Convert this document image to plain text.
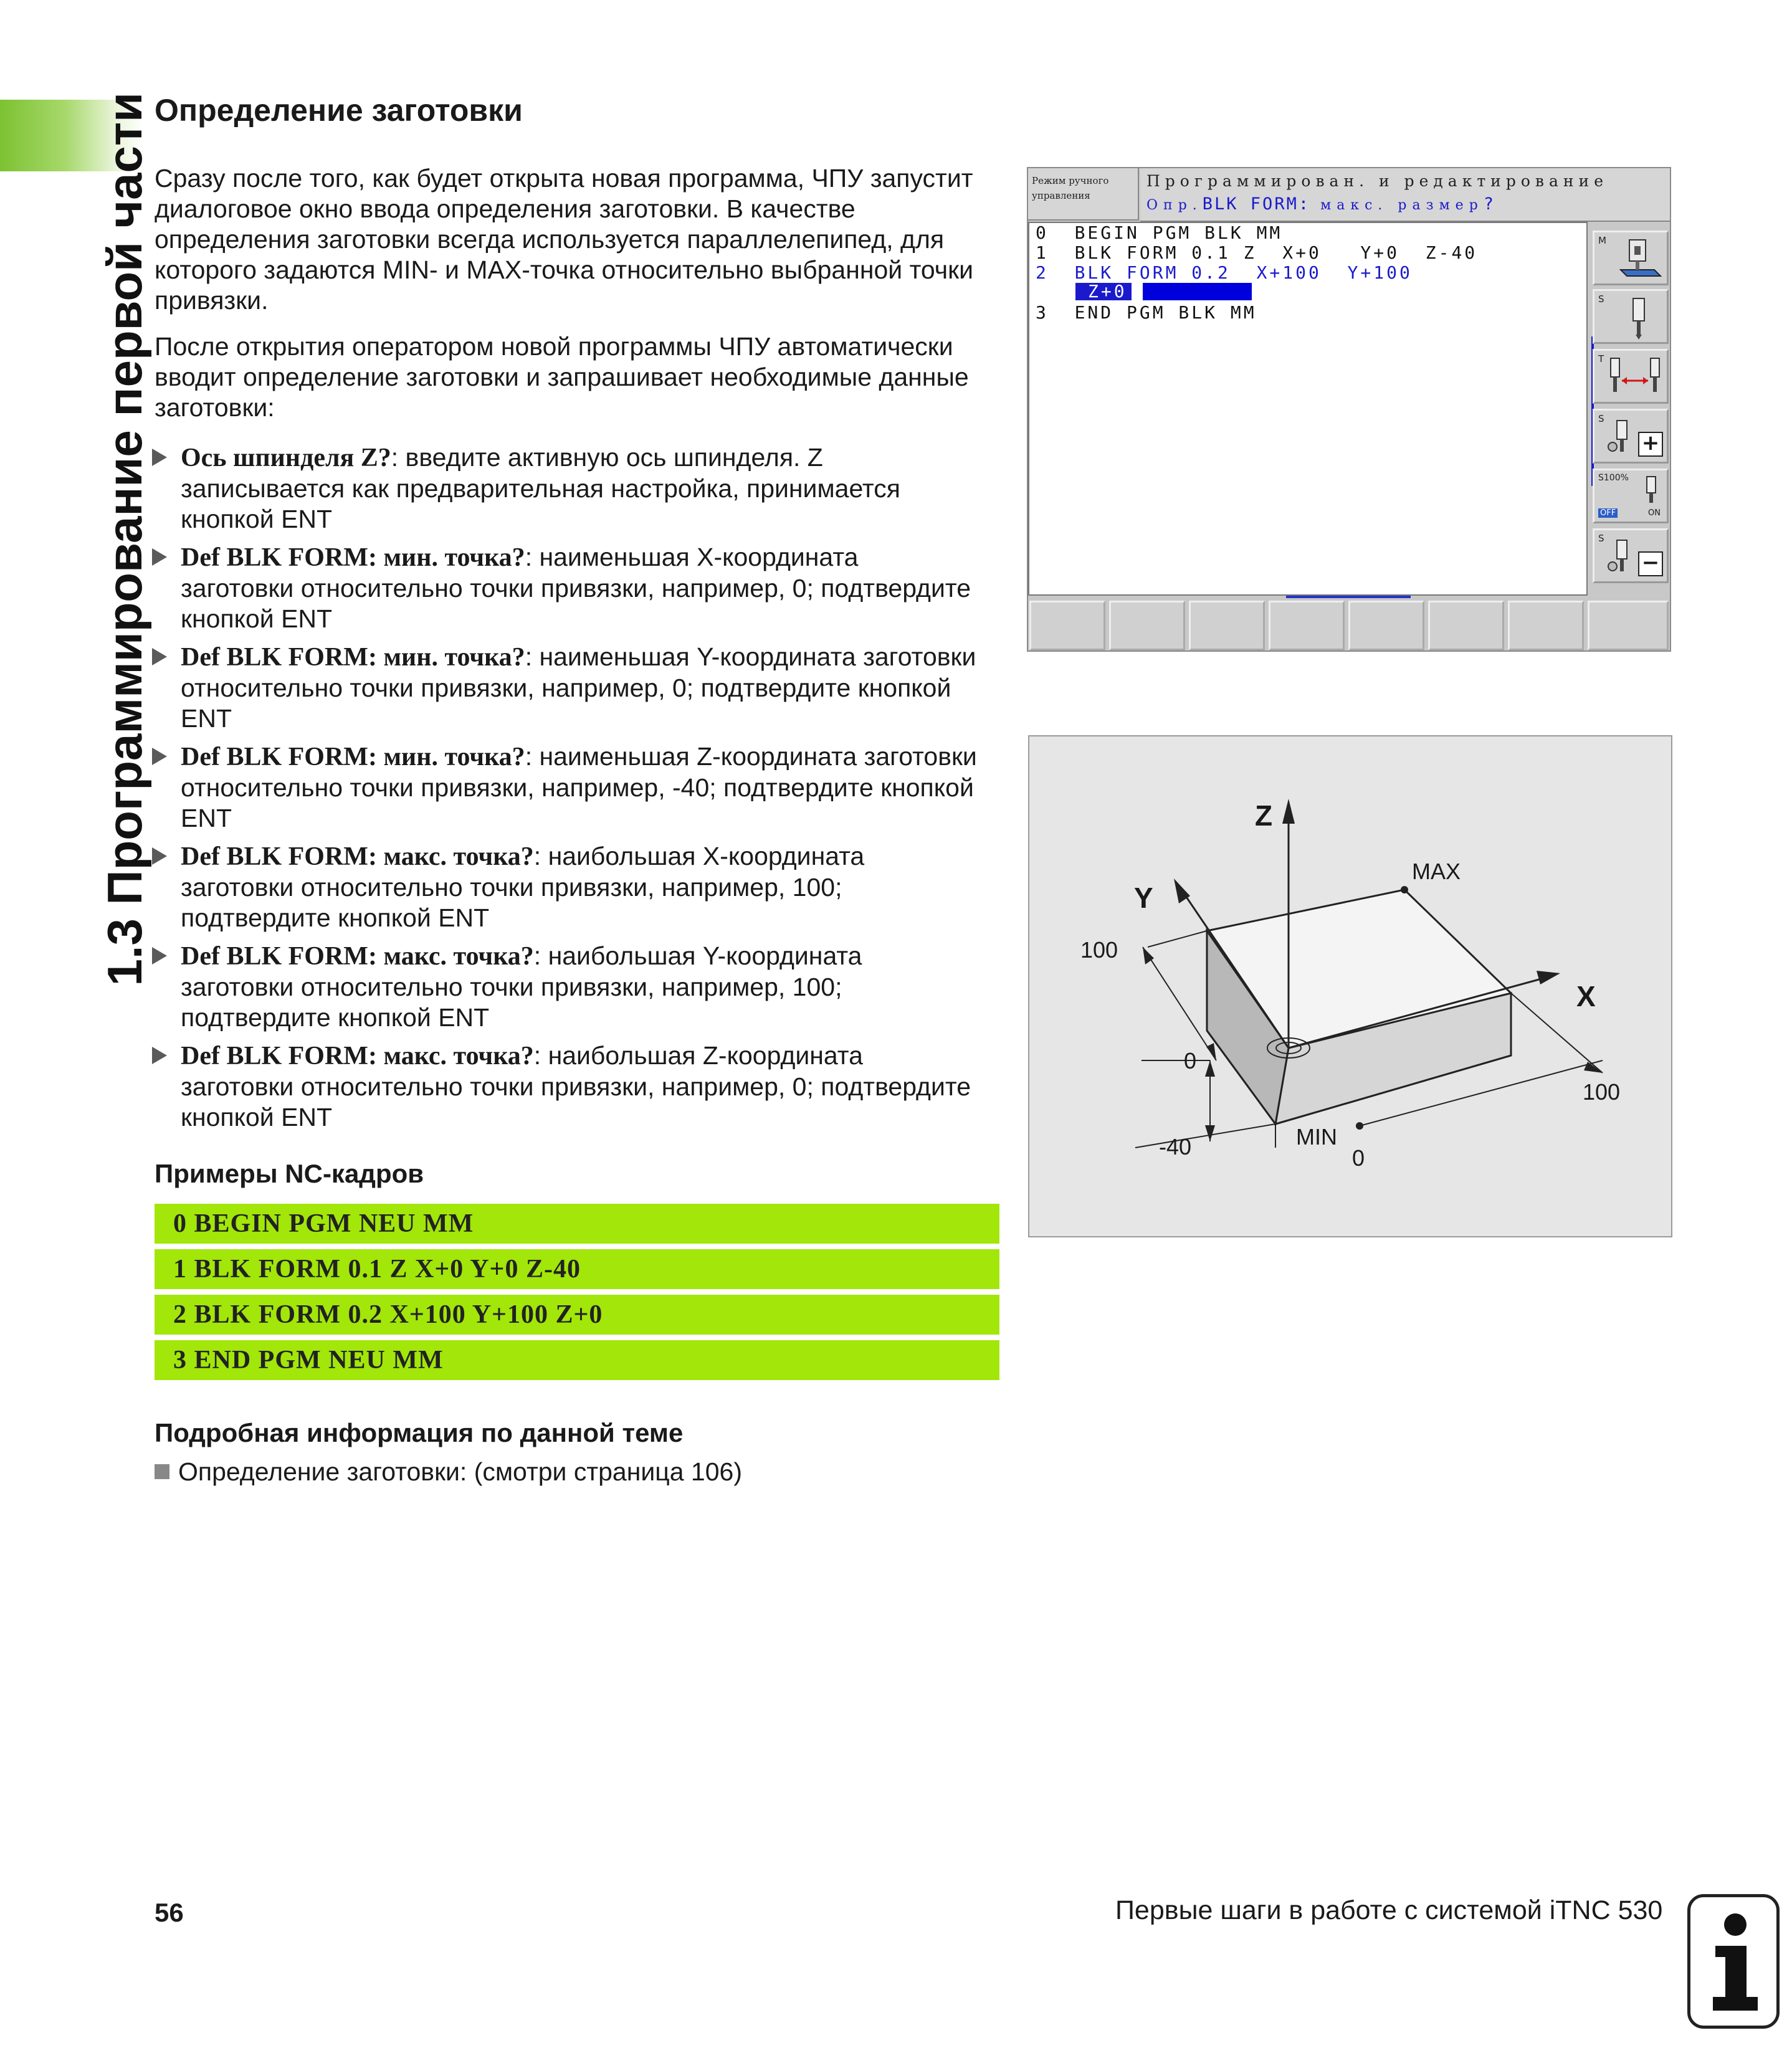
1.3 Программирование первой части Определение заготовки
Сразу после того, как будет открыта новая программа, ЧПУ запустит диалоговое окно ввода определения заготовки. В качестве определения заготовки всегда используется параллелепипед, для которого задаются MIN- и MAX-точка относительно выбранной точки привязки.
После открытия оператором новой программы ЧПУ автоматически вводит определение заготовки и запрашивает необходимые данные заготовки:
Ось шпинделя Z?: введите активную ось шпинделя. Z записывается как предварительная настройка, принимается кнопкой ENT
Def BLK FORM: мин. точка?: наименьшая X-координата заготовки относительно точки привязки, например, 0; подтвердите кнопкой ENT
Def BLK FORM: мин. точка?: наименьшая Y-координата заготовки относительно точки привязки, например, 0; подтвердите кнопкой ENT
Def BLK FORM: мин. точка?: наименьшая Z-координата заготовки относительно точки привязки, например, -40; подтвердите кнопкой ENT
Def BLK FORM: макс. точка?: наибольшая X-координата заготовки относительно точки привязки, например, 100; подтвердите кнопкой ENT
Def BLK FORM: макс. точка?: наибольшая Y-координата заготовки относительно точки привязки, например, 100; подтвердите кнопкой ENT
Def BLK FORM: макс. точка?: наибольшая Z-координата заготовки относительно точки привязки, например, 0; подтвердите кнопкой ENT
Примеры NC-кадров
0 BEGIN PGM NEU MM
1 BLK FORM 0.1 Z X+0 Y+0 Z-40
2 BLK FORM 0.2 X+100 Y+100 Z+0
3 END PGM NEU MM
Подробная информация по данной теме
Определение заготовки: (смотри страница 106)
Режим ручного управления
Программирован. и редактирование
Опр.BLK FORM: макс. размер?
0  BEGIN PGM BLK MM
1  BLK FORM 0.1 Z  X+0   Y+0  Z-40
2  BLK FORM 0.2  X+100  Y+100
Z+0
3  END PGM BLK MM
M
S
T
S
+
S100%
OFF	ON
S
−
Z
Y
X
MAX
MIN
100
0
-40	0
100
56	Первые шаги в работе с системой iTNC 530
